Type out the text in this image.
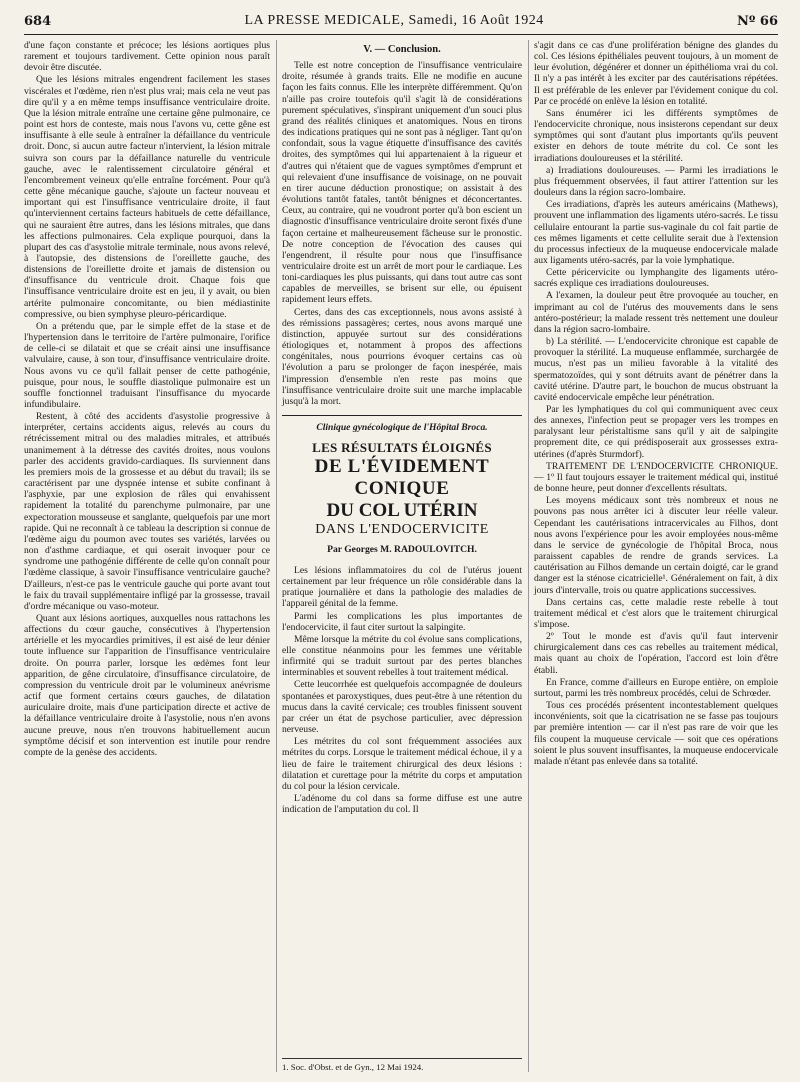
684	LA PRESSE MEDICALE, Samedi, 16 Août 1924	Nº 66

d'une façon constante et précoce; les lésions aortiques plus rarement et toujours tardivement. Cette opinion nous paraît devoir être discutée.

Que les lésions mitrales engendrent facilement les stases viscérales et l'œdème, rien n'est plus vrai; mais cela ne veut pas dire qu'il y a en même temps insuffisance ventriculaire droite. Que la lésion mitrale entraîne une certaine gêne pulmonaire, ce point est hors de conteste, mais nous l'avons vu, cette gêne est insuffisante à elle seule à entraîner la défaillance du ventricule droit. Donc, si aucun autre facteur n'intervient, la lésion mitrale suivra son cours par la défaillance naturelle du ventricule gauche, avec le ralentissement circulatoire général et l'encombrement veineux qu'elle entraîne forcément. Pour qu'à cette gêne mécanique gauche, s'ajoute un facteur nouveau et important qui est l'insuffisance ventriculaire droite, il faut qu'interviennent certains facteurs habituels de cette défaillance, qui ne sauraient être autres, dans les lésions mitrales, que dans les affections pulmonaires. Cela explique pourquoi, dans la plupart des cas d'asystolie mitrale terminale, nous avons relevé, à l'autopsie, des distensions de l'oreillette gauche, des distensions de l'oreillette droite et jamais de distension ou d'insuffisance du ventricule droit. Chaque fois que l'insuffisance ventriculaire droite est en jeu, il y avait, ou bien artérite pulmonaire concomitante, ou bien médiastinite compressive, ou bien symphyse pleuro-péricardique.

On a prétendu que, par le simple effet de la stase et de l'hypertension dans le territoire de l'artère pulmonaire, l'orifice de celle-ci se dilatait et que se créait ainsi une insuffisance valvulaire, cause, à son tour, d'insuffisance ventriculaire droite. Nous avons vu ce qu'il fallait penser de cette pathogénie, puisque, pour nous, le souffle diastolique pulmonaire est un souffle fonctionnel traduisant l'insuffisance du myocarde infundibulaire.

Restent, à côté des accidents d'asystolie progressive à interpréter, certains accidents aigus, relevés au cours du rétrécissement mitral ou des maladies mitrales, et attribués unanimement à la détresse des cavités droites, nous voulons parler des accidents gravido-cardiaques. Ils surviennent dans les premiers mois de la grossesse et au début du travail; ils se caractérisent par une dyspnée intense et subite confinant à l'asphyxie, par une explosion de râles qui envahissent rapidement la totalité du parenchyme pulmonaire, par une expectoration mousseuse et sanglante, quelquefois par une mort rapide. Qui ne reconnaît à ce tableau la description si connue de l'œdème aigu du poumon avec toutes ses variétés, larvées ou non d'asthme cardiaque, et qui oserait invoquer pour ce syndrome une pathogénie différente de celle qu'on connaît pour l'œdème classique, à savoir l'insuffisance ventriculaire gauche? D'ailleurs, n'est-ce pas le ventricule gauche qui porte avant tout le faix du travail supplémentaire infligé par la grossesse, travail d'ordre mécanique ou vaso-moteur.

Quant aux lésions aortiques, auxquelles nous rattachons les affections du cœur gauche, consécutives à l'hypertension artérielle et les myocardies primitives, il est aisé de leur dénier toute influence sur l'apparition de l'insuffisance ventriculaire droite. On pourra parler, lorsque les œdèmes font leur apparition, de gêne circulatoire, d'insuffisance circulatoire, de compression du ventricule droit par le volumineux anévrisme actif que forment certains cœurs gauches, de dilatation auriculaire droite, mais d'une participation directe et active de la défaillance ventriculaire droite à l'asystolie, nous n'en avons aucune preuve, nous n'en trouvons habituellement aucun symptôme décisif et son intervention est inutile pour rendre compte de la genèse des accidents.

V. — Conclusion.

Telle est notre conception de l'insuffisance ventriculaire droite, résumée à grands traits. Elle ne modifie en aucune façon les faits connus. Elle les interprète différemment. Qu'on n'aille pas croire toutefois qu'il s'agit là de considérations purement spéculatives, s'inspirant uniquement d'un souci plus grand des réalités cliniques et anatomiques. Nous en tirons des indications pratiques qui ne sont pas à négliger. Tant qu'on confondait, sous la vague étiquette d'insuffisance des cavités droites, des symptômes qui lui appartenaient à la rigueur et d'autres qui n'étaient que de vagues symptômes d'emprunt et qui relevaient d'une insuffisance de voisinage, on ne pouvait en tirer aucune déduction pronostique; on assistait à des évolutions tantôt fatales, tantôt bénignes et déconcertantes. Ceux, au contraire, qui ne voudront porter qu'à bon escient un diagnostic d'insuffisance ventriculaire droite seront fixés d'une façon certaine et malheureusement fâcheuse sur le pronostic. De notre conception de l'évocation des causes qui l'engendrent, il résulte pour nous que l'insuffisance ventriculaire droite est un arrêt de mort pour le cardiaque. Les toni-cardiaques les plus puissants, qui dans tout autre cas sont capables de merveilles, se brisent sur elle, ou épuisent rapidement leurs effets.

Certes, dans des cas exceptionnels, nous avons assisté à des rémissions passagères; certes, nous avons marqué une distinction, appuyée surtout sur des considérations étiologiques et, notamment à propos des affections congénitales, nous pourrions évoquer certains cas où l'évolution a paru se prolonger de façon inespérée, mais l'impression d'ensemble n'en reste pas moins que l'insuffisance ventriculaire droite suit une marche implacable jusqu'à la mort.

Clinique gynécologique de l'Hôpital Broca.
LES RÉSULTATS ÉLOIGNÉS
DE L'ÉVIDEMENT CONIQUE
DU COL UTÉRIN
DANS L'ENDOCERVICITE
Par Georges M. RADOULOVITCH.

Les lésions inflammatoires du col de l'utérus jouent certainement par leur fréquence un rôle considérable dans la pratique journalière et dans la pathologie des maladies de l'appareil génital de la femme.

Parmi les complications les plus importantes de l'endocervicite, il faut citer surtout la salpingite.

Même lorsque la métrite du col évolue sans complications, elle constitue néanmoins pour les femmes une véritable infirmité qui se traduit surtout par des pertes blanches interminables et souvent rebelles à tout traitement médical.

Cette leucorrhée est quelquefois accompagnée de douleurs spontanées et paroxystiques, dues peut-être à une rétention du mucus dans la cavité cervicale; ces troubles finissent souvent par créer un état de psychose particulier, avec dépression nerveuse.

Les métrites du col sont fréquemment associées aux métrites du corps. Lorsque le traitement médical échoue, il y a lieu de faire le traitement chirurgical des deux lésions : dilatation et curettage pour la métrite du corps et amputation du col pour la lésion cervicale.

L'adénome du col dans sa forme diffuse est une autre indication de l'amputation du col. Il

1. Soc. d'Obst. et de Gyn., 12 Mai 1924.

s'agit dans ce cas d'une prolifération bénigne des glandes du col. Ces lésions épithéliales peuvent toujours, à un moment de leur évolution, dégénérer et donner un épithélioma vrai du col. Il n'y a pas intérêt à les exciter par des cautérisations répétées. Il est préférable de les enlever par l'évidement conique du col. Par ce procédé on enlève la lésion en totalité.

Sans énumérer ici les différents symptômes de l'endocervicite chronique, nous insisterons cependant sur deux symptômes qui sont d'autant plus importants qu'ils peuvent exister en dehors de toute métrite du col. Ce sont les irradiations douloureuses et la stérilité.

a) Irradiations douloureuses. — Parmi les irradiations le plus fréquemment observées, il faut attirer l'attention sur les douleurs dans la région sacro-lombaire.

Ces irradiations, d'après les auteurs américains (Mathews), prouvent une inflammation des ligaments utéro-sacrés. Le tissu cellulaire entourant la partie sus-vaginale du col fait partie de ces mêmes ligaments et cette cellulite serait due à l'extension du processus infectieux de la muqueuse endocervicale malade aux ligaments utéro-sacrés, par la voie lymphatique.

Cette péricervicite ou lymphangite des ligaments utéro-sacrés explique ces irradiations douloureuses.

A l'examen, la douleur peut être provoquée au toucher, en imprimant au col de l'utérus des mouvements dans le sens antéro-postérieur; la malade ressent très nettement une douleur dans la région sacro-lombaire.

b) La stérilité. — L'endocervicite chronique est capable de provoquer la stérilité. La muqueuse enflammée, surchargée de mucus, n'est pas un milieu favorable à la vitalité des spermatozoïdes, qui y sont détruits avant de pénétrer dans la cavité utérine. D'autre part, le bouchon de mucus obstruant la cavité endocervicale empêche leur pénétration.

Par les lymphatiques du col qui communiquent avec ceux des annexes, l'infection peut se propager vers les trompes en paralysant leur péristaltisme sans qu'il y ait de salpingite proprement dite, ce qui prédisposerait aux grossesses extra-utérines (d'après Sturmdorf).

TRAITEMENT DE L'ENDOCERVICITE CHRONIQUE. — 1º Il faut toujours essayer le traitement médical qui, institué de bonne heure, peut donner d'excellents résultats.

Les moyens médicaux sont très nombreux et nous ne pouvons pas nous arrêter ici à discuter leur réelle valeur. Cependant les cautérisations intracervicales au Filhos, dont nous avons l'expérience pour les avoir employées nous-même dans le service de gynécologie de l'hôpital Broca, nous paraissent capables de rendre de grands services. La cautérisation au Filhos demande un certain doigté, car le grand danger est la sténose cicatricielle¹. Généralement on fait, à dix jours d'intervalle, trois ou quatre applications successives.

Dans certains cas, cette maladie reste rebelle à tout traitement médical et c'est alors que le traitement chirurgical s'impose.

2º Tout le monde est d'avis qu'il faut intervenir chirurgicalement dans ces cas rebelles au traitement médical, mais quant au choix de l'opération, l'accord est loin d'être établi.

En France, comme d'ailleurs en Europe entière, on emploie surtout, parmi les très nombreux procédés, celui de Schrœder.

Tous ces procédés présentent incontestablement quelques inconvénients, soit que la cicatrisation ne se fasse pas toujours par première intention — car il n'est pas rare de voir que les fils coupent la muqueuse cervicale — soit que ces opérations soient le plus souvent insuffisantes, la muqueuse endocervicale malade n'étant pas enlevée dans sa totalité.
